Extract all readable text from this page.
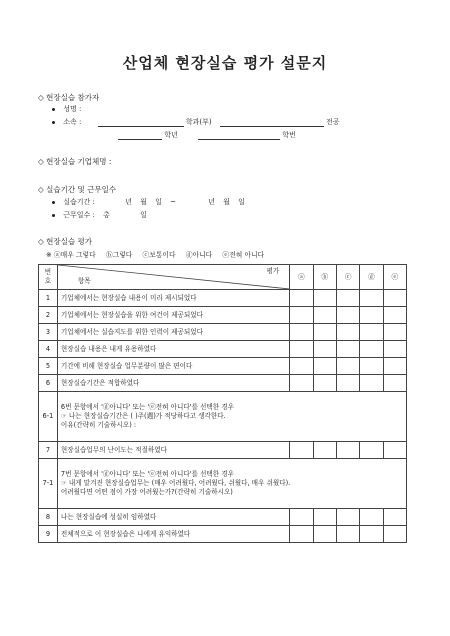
산업체 현장실습 평가 설문지
◇ 현장실습 참가자
성명 :
소속 :	학과(부)	전공
학년	학번
◇ 현장실습 기업체명 :
◇ 실습기간 및 근무일수
실습기간 :	년 월 일 ~	년 월 일
근무일수 : 총	일
◇ 현장실습 평가
※ ⓐ매우 그렇다 ⓑ그렇다 ⓒ보통이다 ⓓ아니다 ⓔ전혀 아니다
번호	평가
항목	ⓐ	ⓑ	ⓒ	ⓓ	ⓔ
1	기업체에서는 현장실습 내용이 미리 제시되었다					
2	기업체에서는 현장실습을 위한 여건이 제공되었다					
3	기업체에서는 실습지도를 위한 인력이 제공되었다					
4	현장실습 내용은 내게 유용하였다					
5	기간에 비해 현장실습 업무분량이 많은 편이다					
6	현장실습기간은 적합하였다					
6-1	6번 문항에서 'ⓓ아니다' 또는 'ⓔ전혀 아니다'를 선택한 경우
☞ 나는 현장실습기간은 ( )주(週)가 적당하다고 생각한다.
이유(간략히 기술하시오) :					

7	현장실습업무의 난이도는 적절하였다					
7-1	7번 문항에서 'ⓓ아니다' 또는 'ⓔ전혀 아니다'를 선택한 경우
☞ 내게 맡겨진 현장실습업무는 (매우 어려웠다, 어려웠다, 쉬웠다, 매우 쉬웠다).
어려웠다면 어떤 점이 가장 어려웠는가?(간략히 기술하시오)					

8	나는 현장실습에 성실히 임하였다					
9	전체적으로 이 현장실습은 나에게 유익하였다					
